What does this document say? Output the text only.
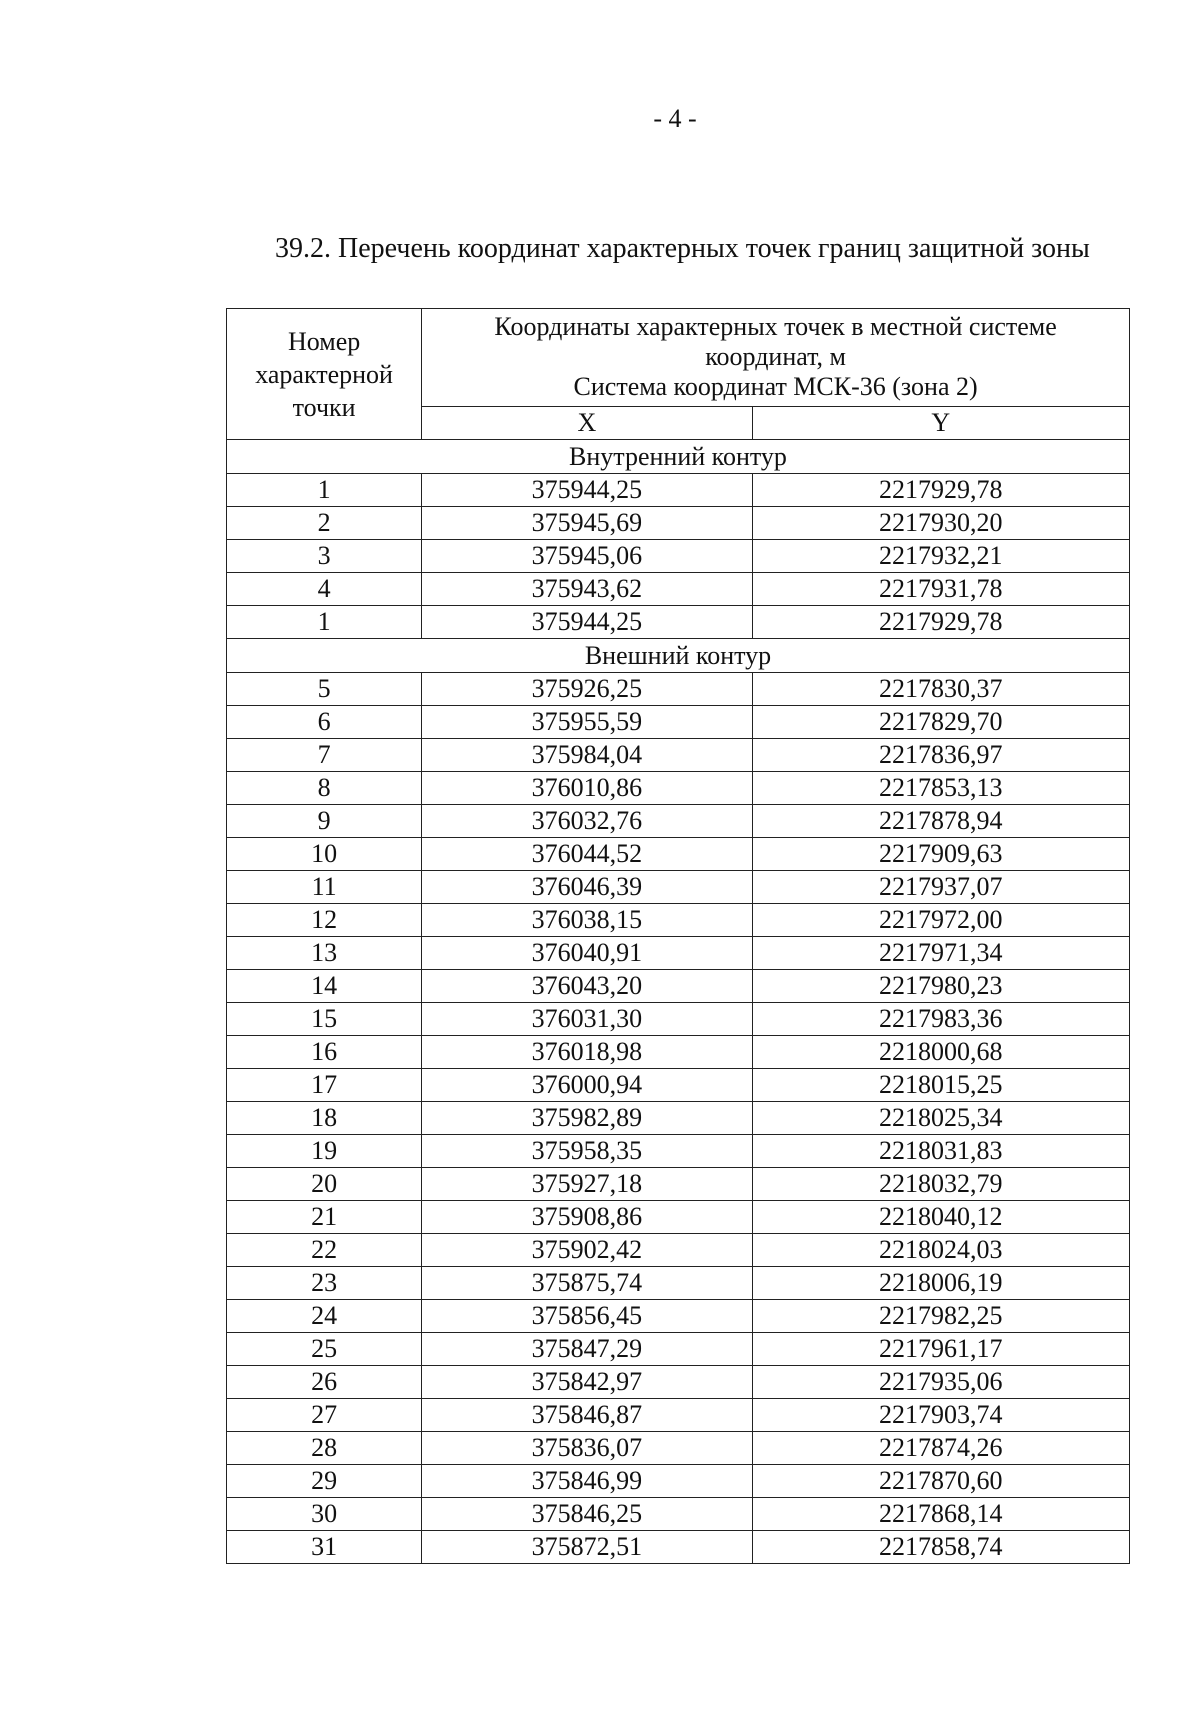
- 4 -
39.2. Перечень координат характерных точек границ защитной зоны
Номер характерной точки	Координаты характерных точек в местной системе
координат, м
Система координат МСК-36 (зона 2)	

	X	Y
Внутренний контур		
1	375944,25	2217929,78
2	375945,69	2217930,20
3	375945,06	2217932,21
4	375943,62	2217931,78
1	375944,25	2217929,78
Внешний контур		
5	375926,25	2217830,37
6	375955,59	2217829,70
7	375984,04	2217836,97
8	376010,86	2217853,13
9	376032,76	2217878,94
10	376044,52	2217909,63
11	376046,39	2217937,07
12	376038,15	2217972,00
13	376040,91	2217971,34
14	376043,20	2217980,23
15	376031,30	2217983,36
16	376018,98	2218000,68
17	376000,94	2218015,25
18	375982,89	2218025,34
19	375958,35	2218031,83
20	375927,18	2218032,79
21	375908,86	2218040,12
22	375902,42	2218024,03
23	375875,74	2218006,19
24	375856,45	2217982,25
25	375847,29	2217961,17
26	375842,97	2217935,06
27	375846,87	2217903,74
28	375836,07	2217874,26
29	375846,99	2217870,60
30	375846,25	2217868,14
31	375872,51	2217858,74
